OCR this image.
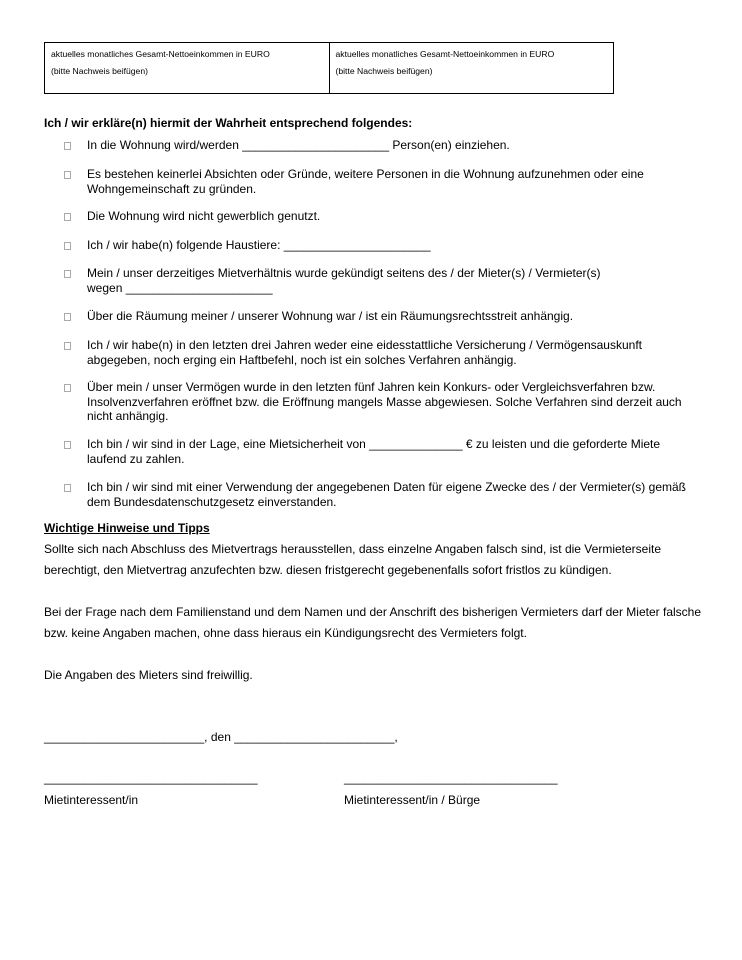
aktuelles monatliches Gesamt-Nettoeinkommen in EURO
(bitte Nachweis beifügen)
aktuelles monatliches Gesamt-Nettoeinkommen in EURO
(bitte Nachweis beifügen)
Ich / wir erkläre(n) hiermit der Wahrheit entsprechend folgendes:
In die Wohnung wird/werden ______________________ Person(en) einziehen.
Es bestehen keinerlei Absichten oder Gründe, weitere Personen in die Wohnung aufzunehmen oder eine Wohngemeinschaft zu gründen.
Die Wohnung wird nicht gewerblich genutzt.
Ich / wir habe(n) folgende Haustiere: ______________________
Mein / unser derzeitiges Mietverhältnis wurde gekündigt seitens des / der Mieter(s) / Vermieter(s) wegen ______________________
Über die Räumung meiner / unserer Wohnung war / ist ein Räumungsrechtsstreit anhängig.
Ich / wir habe(n) in den letzten drei Jahren weder eine eidesstattliche Versicherung / Vermögensauskunft abgegeben, noch erging ein Haftbefehl, noch ist ein solches Verfahren anhängig.
Über mein / unser Vermögen wurde in den letzten fünf Jahren kein Konkurs- oder Vergleichsverfahren bzw. Insolvenzverfahren eröffnet bzw. die Eröffnung mangels Masse abgewiesen. Solche Verfahren sind derzeit auch nicht anhängig.
Ich bin / wir sind in der Lage, eine Mietsicherheit von ______________ € zu leisten und die geforderte Miete laufend zu zahlen.
Ich bin / wir sind mit einer Verwendung der angegebenen Daten für eigene Zwecke des / der Vermieter(s) gemäß dem Bundesdatenschutzgesetz einverstanden.
Wichtige Hinweise und Tipps
Sollte sich nach Abschluss des Mietvertrags herausstellen, dass einzelne Angaben falsch sind, ist die Vermieterseite berechtigt, den Mietvertrag anzufechten bzw. diesen fristgerecht gegebenenfalls sofort fristlos zu kündigen.
Bei der Frage nach dem Familienstand und dem Namen und der Anschrift des bisherigen Vermieters darf der Mieter falsche bzw. keine Angaben machen, ohne dass hieraus ein Kündigungsrecht des Vermieters folgt.
Die Angaben des Mieters sind freiwillig.
________________________, den ________________________,
________________________________	________________________________
Mietinteressent/in	Mietinteressent/in / Bürge
